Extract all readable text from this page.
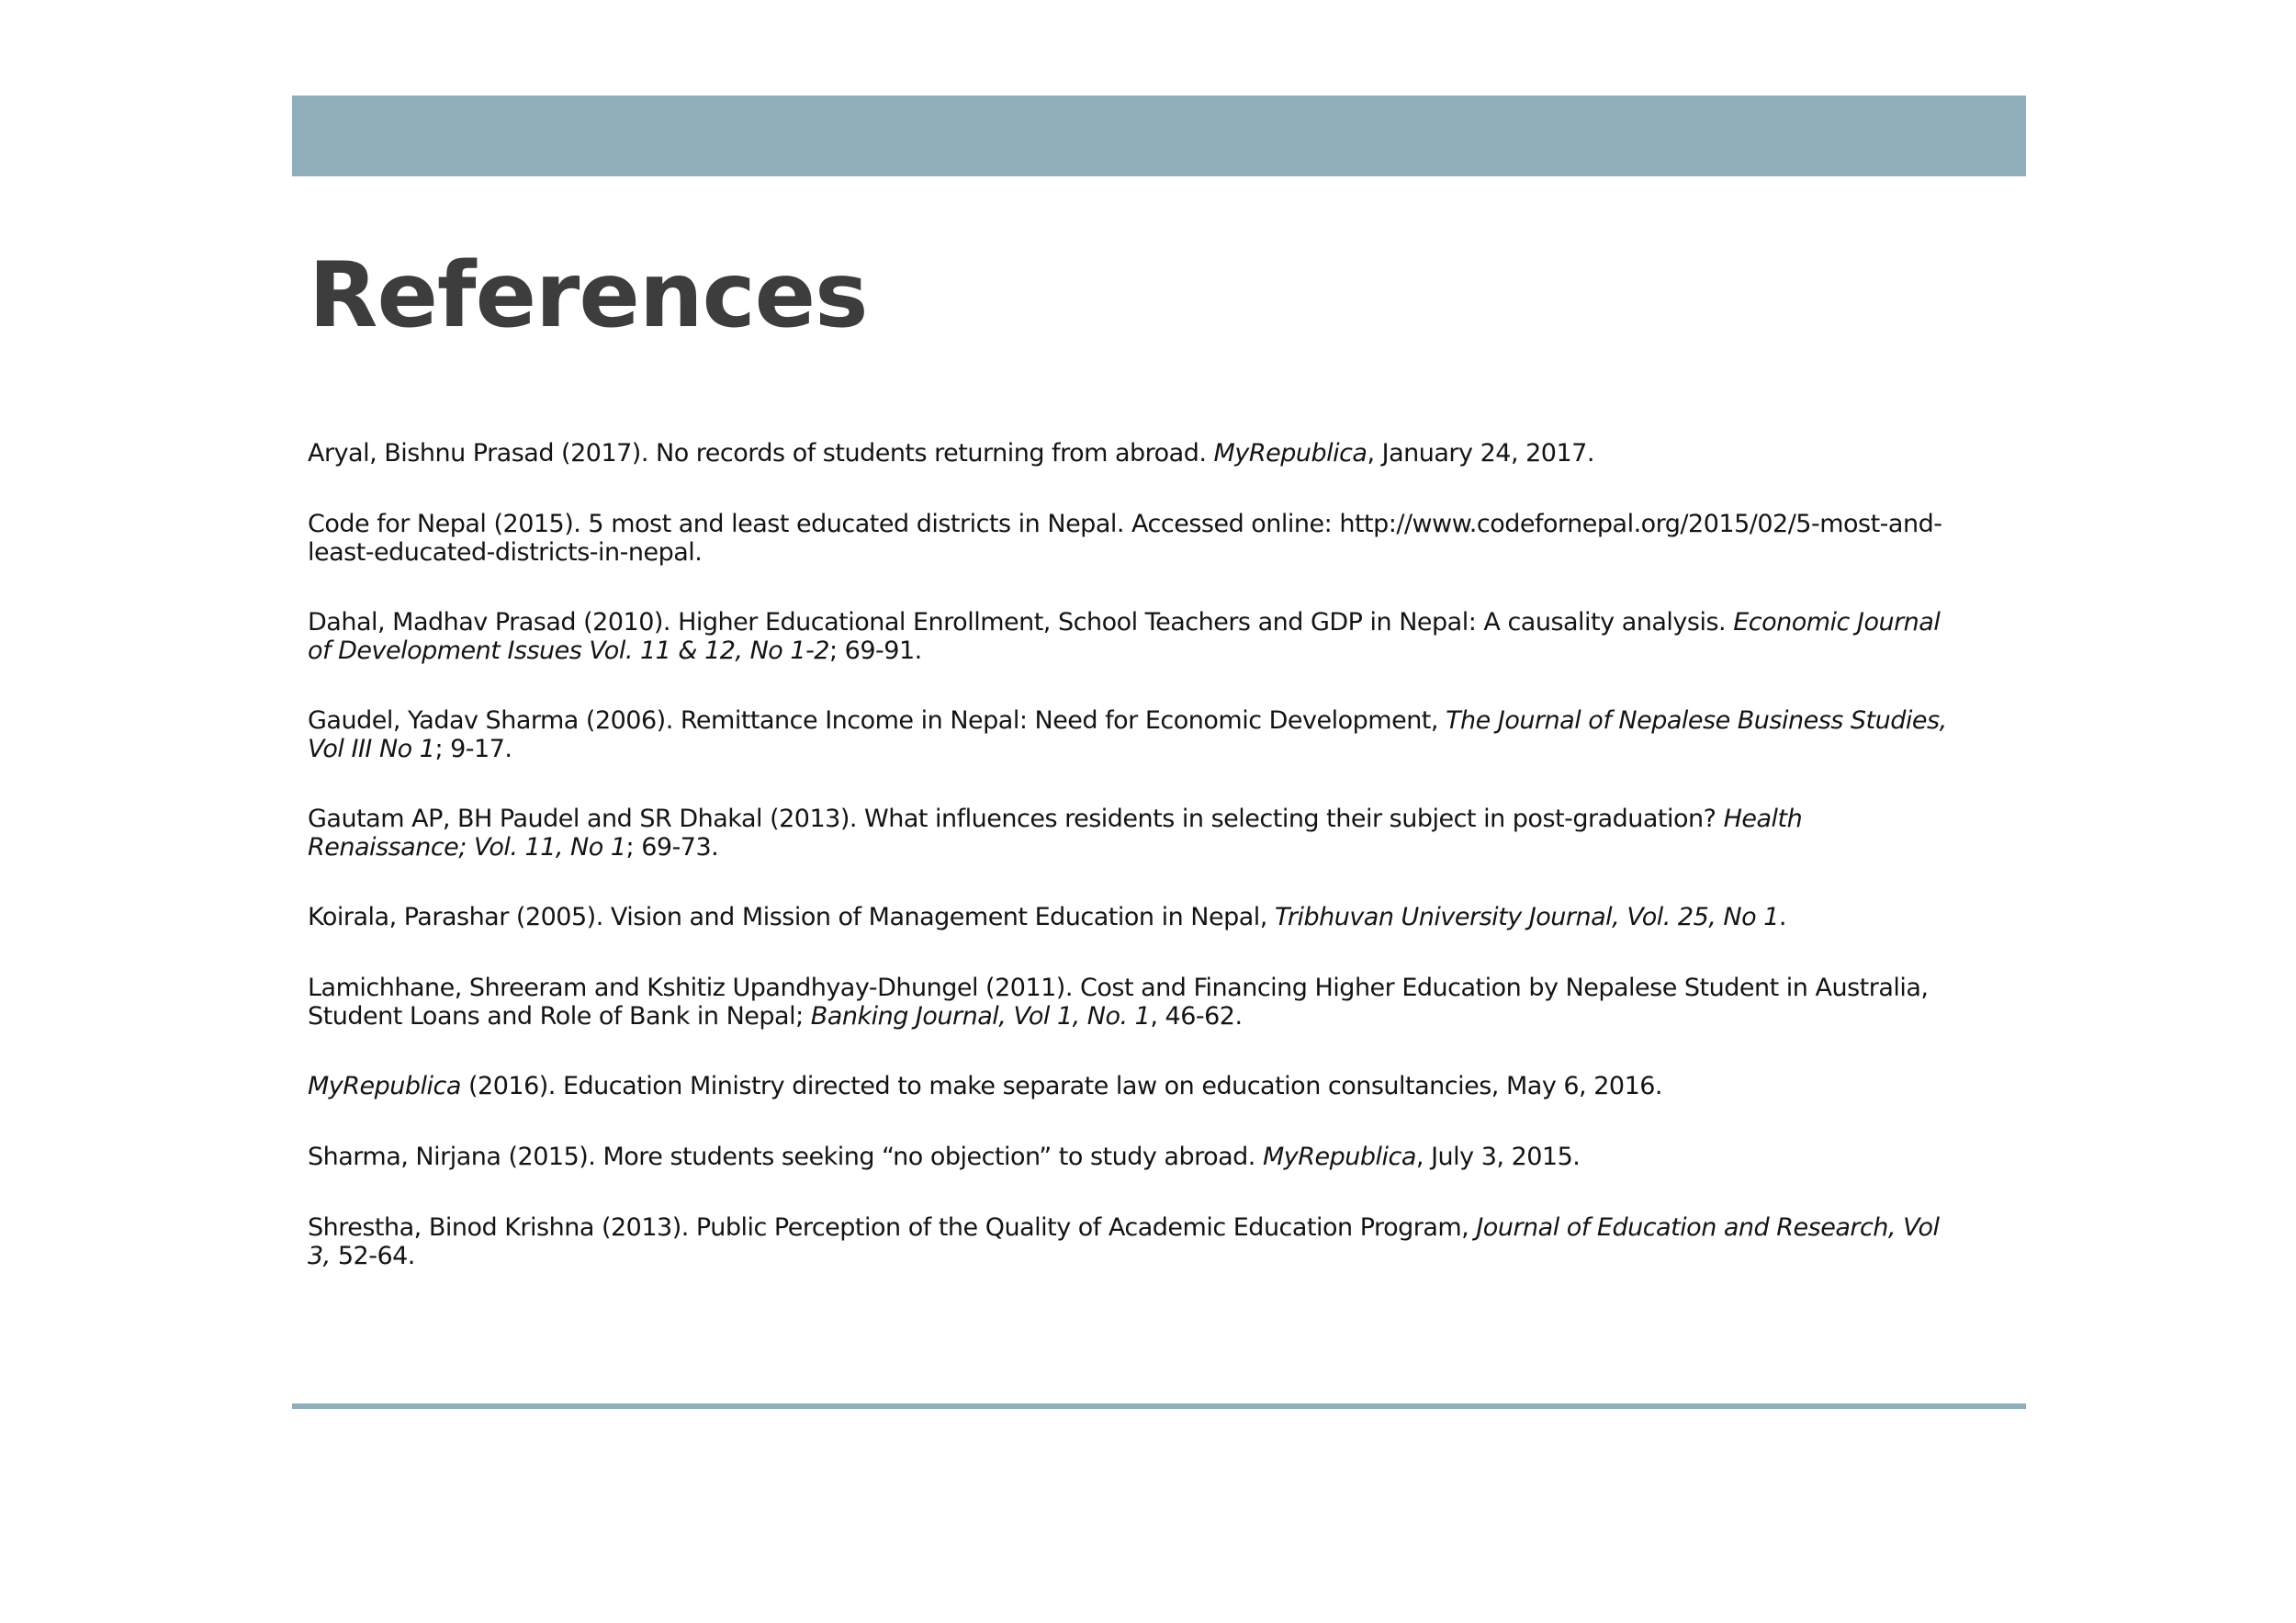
References
Aryal, Bishnu Prasad (2017). No records of students returning from abroad. MyRepublica, January 24, 2017.
Code for Nepal (2015). 5 most and least educated districts in Nepal. Accessed online: http://www.codefornepal.org/2015/02/5-most-and-least-educated-districts-in-nepal.
Dahal, Madhav Prasad (2010). Higher Educational Enrollment, School Teachers and GDP in Nepal: A causality analysis. Economic Journal of Development Issues Vol. 11 & 12, No 1-2; 69-91.
Gaudel, Yadav Sharma (2006). Remittance Income in Nepal: Need for Economic Development, The Journal of Nepalese Business Studies, Vol III No 1; 9-17.
Gautam AP, BH Paudel and SR Dhakal (2013). What influences residents in selecting their subject in post-graduation? Health Renaissance; Vol. 11, No 1; 69-73.
Koirala, Parashar (2005). Vision and Mission of Management Education in Nepal, Tribhuvan University Journal, Vol. 25, No 1.
Lamichhane, Shreeram and Kshitiz Upandhyay-Dhungel (2011). Cost and Financing Higher Education by Nepalese Student in Australia, Student Loans and Role of Bank in Nepal; Banking Journal, Vol 1, No. 1, 46-62.
MyRepublica (2016). Education Ministry directed to make separate law on education consultancies, May 6, 2016.
Sharma, Nirjana (2015). More students seeking “no objection” to study abroad. MyRepublica, July 3, 2015.
Shrestha, Binod Krishna (2013). Public Perception of the Quality of Academic Education Program, Journal of Education and Research, Vol 3, 52-64.
